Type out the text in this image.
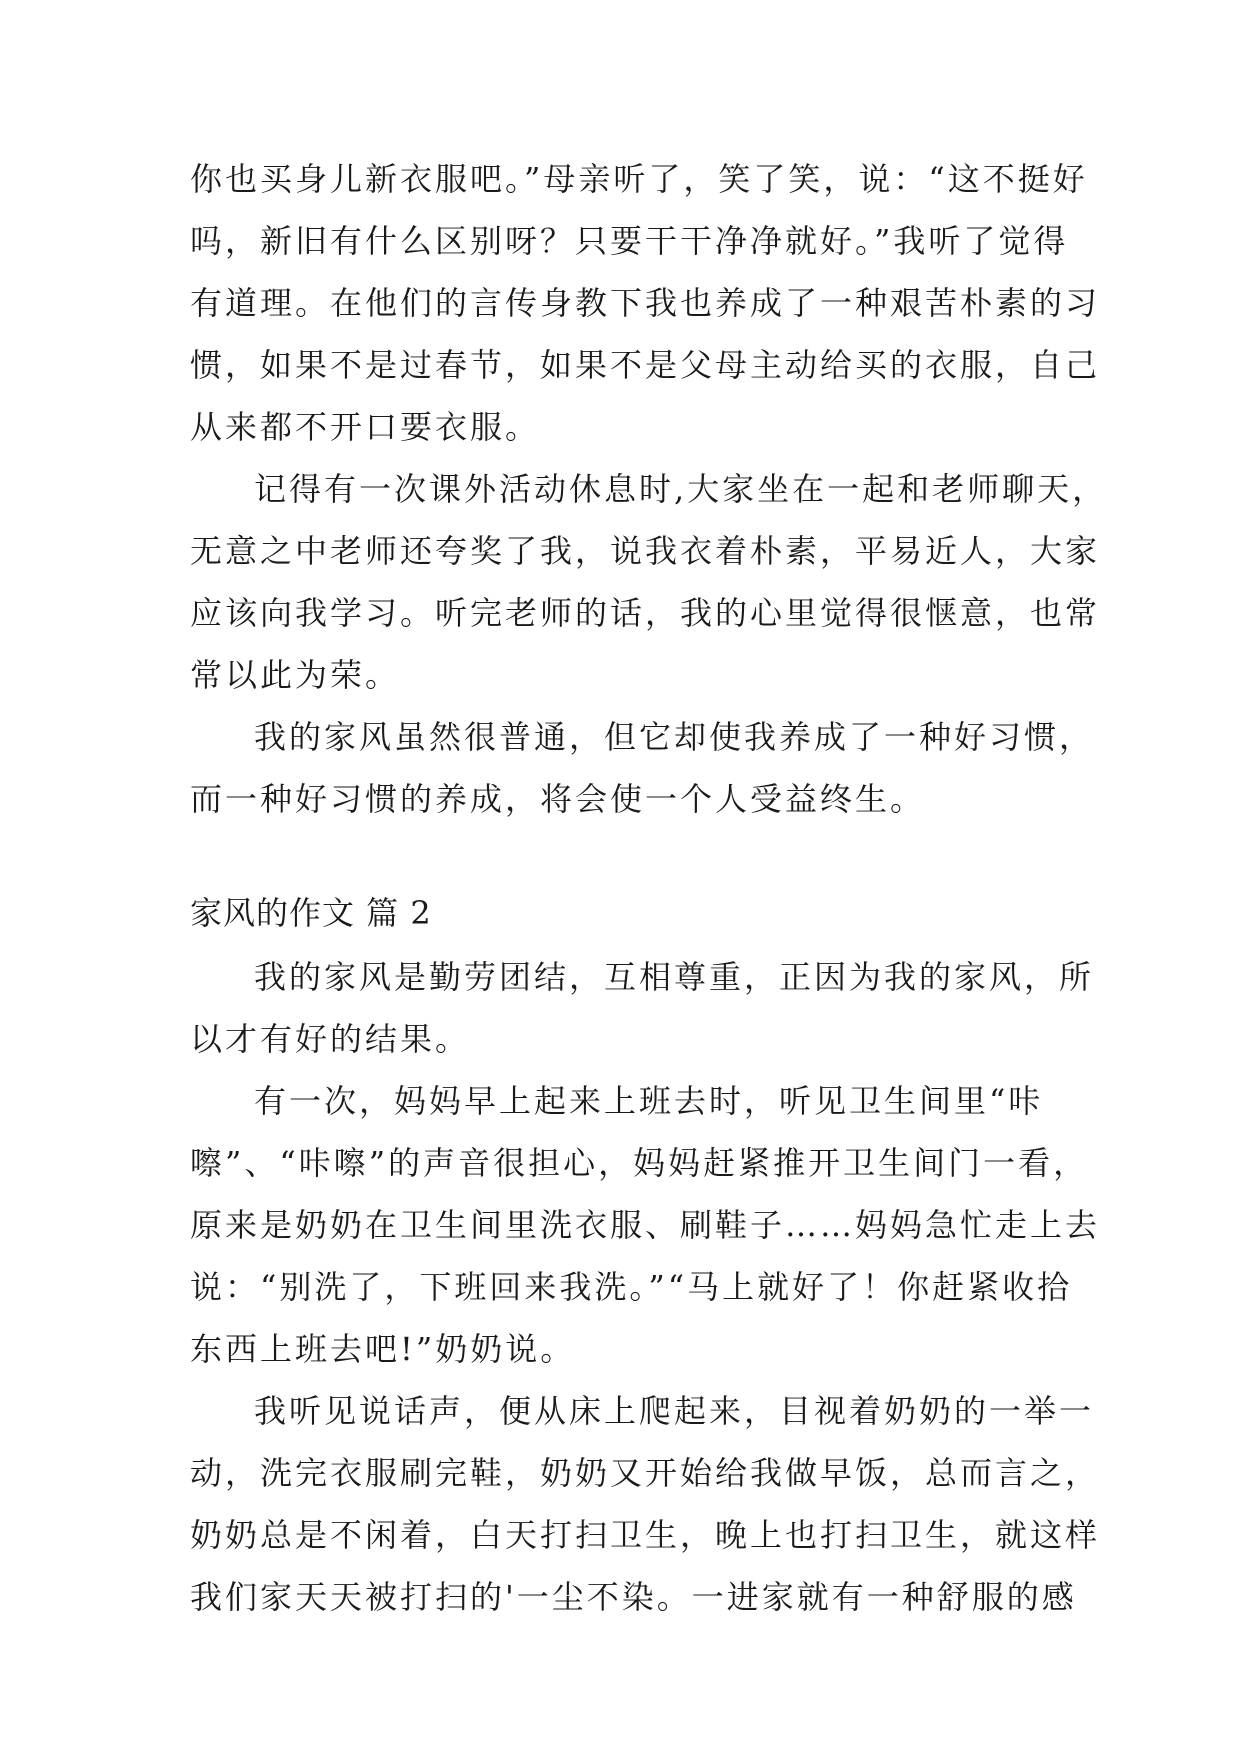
你也买身儿新衣服吧。”母亲听了，笑了笑，说：“这不挺好
吗，新旧有什么区别呀？只要干干净净就好。”我听了觉得
有道理。在他们的言传身教下我也养成了一种艰苦朴素的习
惯，如果不是过春节，如果不是父母主动给买的衣服，自己
从来都不开口要衣服。
记得有一次课外活动休息时,大家坐在一起和老师聊天，
无意之中老师还夸奖了我，说我衣着朴素，平易近人，大家
应该向我学习。听完老师的话，我的心里觉得很惬意，也常
常以此为荣。
我的家风虽然很普通，但它却使我养成了一种好习惯，
而一种好习惯的养成，将会使一个人受益终生。
家风的作文 篇 2
我的家风是勤劳团结，互相尊重，正因为我的家风，所
以才有好的结果。
有一次，妈妈早上起来上班去时，听见卫生间里“咔
嚓”、“咔嚓”的声音很担心，妈妈赶紧推开卫生间门一看，
原来是奶奶在卫生间里洗衣服、刷鞋子……妈妈急忙走上去
说：“别洗了，下班回来我洗。”“马上就好了！你赶紧收拾
东西上班去吧!”奶奶说。
我听见说话声，便从床上爬起来，目视着奶奶的一举一
动，洗完衣服刷完鞋，奶奶又开始给我做早饭，总而言之，
奶奶总是不闲着，白天打扫卫生，晚上也打扫卫生，就这样
我们家天天被打扫的'一尘不染。一进家就有一种舒服的感
